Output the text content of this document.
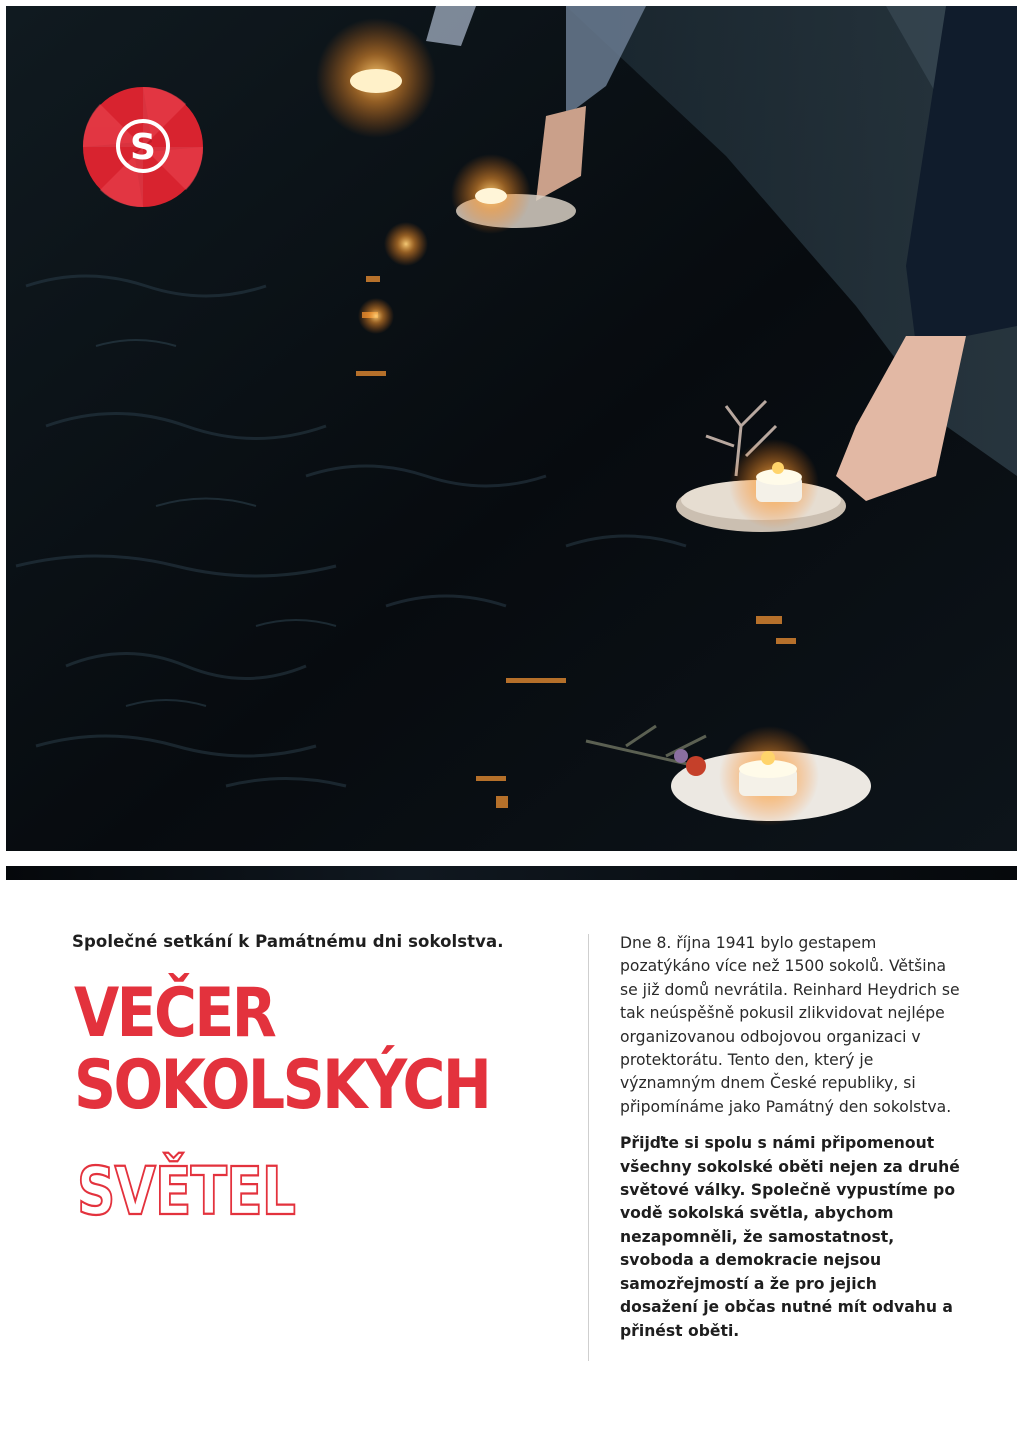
S
Společné setkání k Památnému dni sokolstva.
VEČER
SOKOLSKÝCH
SVĚTEL

Dne 8. října 1941 bylo gestapem pozatýkáno více než 1500 sokolů. Většina se již domů nevrátila. Reinhard Heydrich se tak neúspěšně pokusil zlikvidovat nejlépe organizovanou odbojovou organizaci v protektorátu. Tento den, který je významným dnem České republiky, si připomínáme jako Památný den sokolstva.

Přijďte si spolu s námi připomenout všechny sokolské oběti nejen za druhé světové války. Společně vypustíme po vodě sokolská světla, abychom nezapomněli, že samostatnost, svoboda a demokracie nejsou samozřejmostí a že pro jejich dosažení je občas nutné mít odvahu a přinést oběti.
